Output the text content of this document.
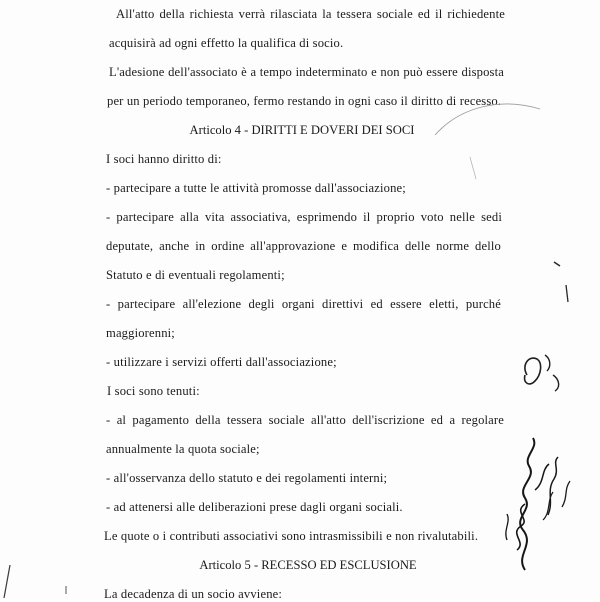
All'atto della richiesta verrà rilasciata la tessera sociale ed il richiedente
acquisirà ad ogni effetto la qualifica di socio.
L'adesione dell'associato è a tempo indeterminato e non può essere disposta
per un periodo temporaneo, fermo restando in ogni caso il diritto di recesso.
Articolo 4 - DIRITTI E DOVERI DEI SOCI
I soci hanno diritto di:
- partecipare a tutte le attività promosse dall'associazione;
- partecipare alla vita associativa, esprimendo il proprio voto nelle sedi
deputate, anche in ordine all'approvazione e modifica delle norme dello
Statuto e di eventuali regolamenti;
- partecipare all'elezione degli organi direttivi ed essere eletti, purché
maggiorenni;
- utilizzare i servizi offerti dall'associazione;
I soci sono tenuti:
- al pagamento della tessera sociale all'atto dell'iscrizione ed a regolare
annualmente la quota sociale;
- all'osservanza dello statuto e dei regolamenti interni;
- ad attenersi alle deliberazioni prese dagli organi sociali.
Le quote o i contributi associativi sono intrasmissibili e non rivalutabili.
Articolo 5 - RECESSO ED ESCLUSIONE
La decadenza di un socio avviene:
